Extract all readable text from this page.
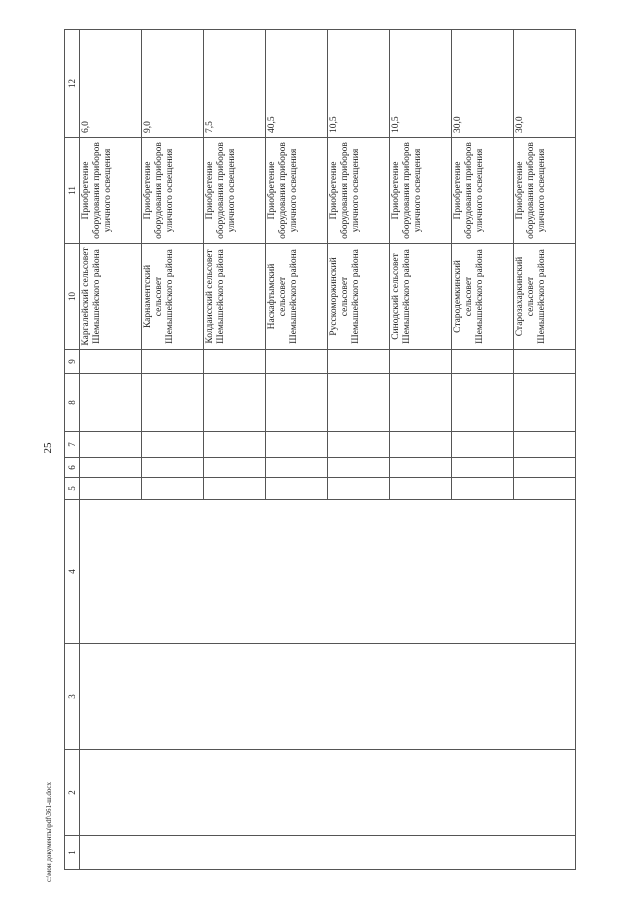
25
1	2	3	4	5	6	7	8	9	10	11	12
									Каргалейский сельсовет Шемышейского района	Приобретение оборудования приборов уличного освещения	6,0
									Карнаментский сельсовет Шемышейского района	Приобретение оборудования приборов уличного освещения	9,0
									Колдаисский сельсовет Шемышейского района	Приобретение оборудования приборов уличного освещения	7,5
									Наскафтымский сельсовет Шемышейского района	Приобретение оборудования приборов уличного освещения	40,5
									Русскоморжинский сельсовет Шемышейского района	Приобретение оборудования приборов уличного освещения	10,5
									Синодский сельсовет Шемышейского района	Приобретение оборудования приборов уличного освещения	10,5
									Стародемкинский сельсовет Шемышейского района	Приобретение оборудования приборов уличного освещения	30,0
									Старозахаркинский сельсовет Шемышейского района	Приобретение оборудования приборов уличного освещения	30,0
c:\мои документы\pdf\361-ш.docx
